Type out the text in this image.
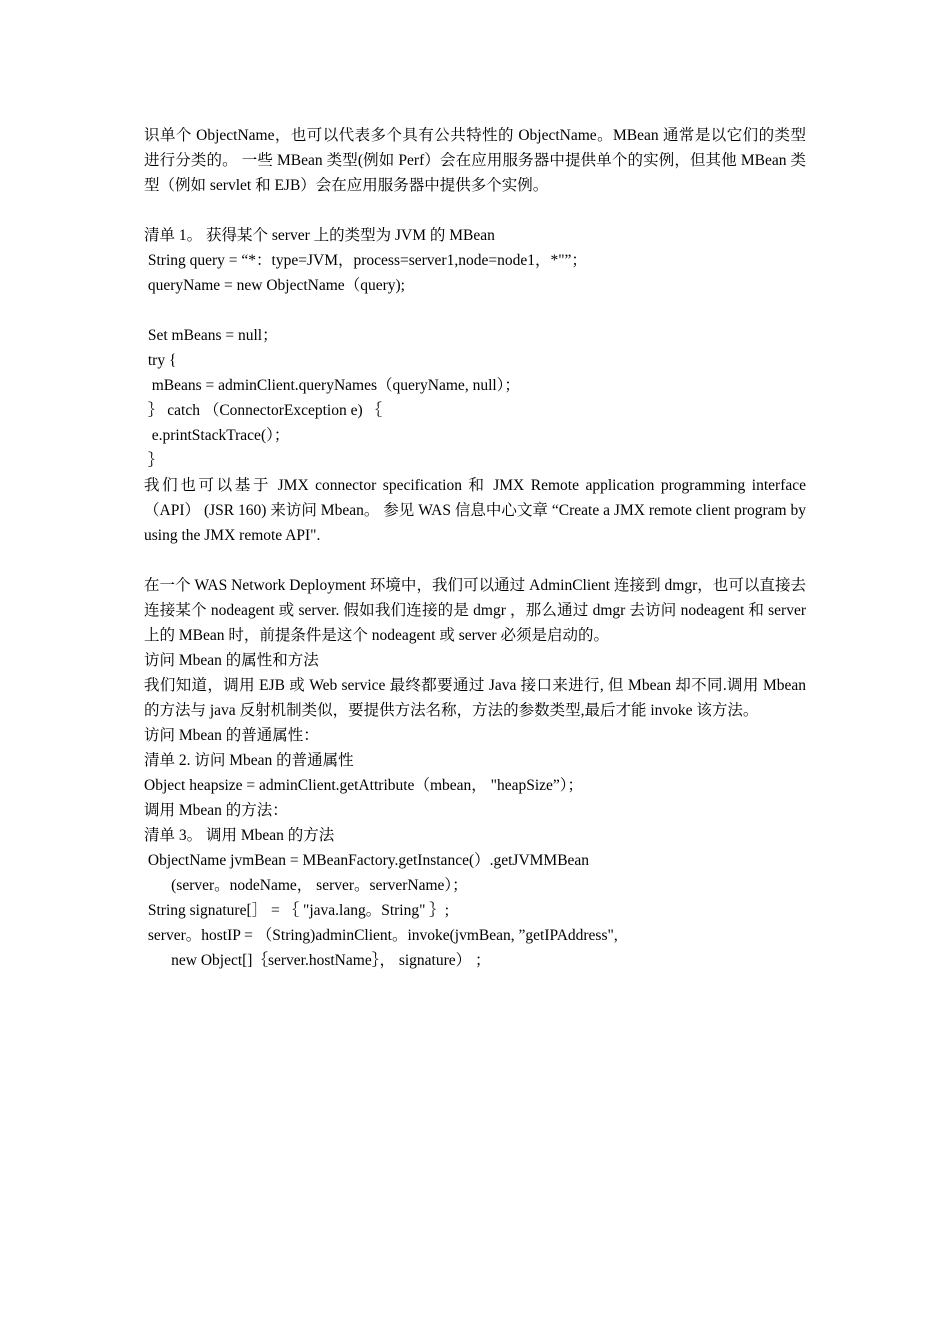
识单个 ObjectName，也可以代表多个具有公共特性的 ObjectName。MBean 通常是以它们的类型进行分类的。 一些 MBean 类型(例如 Perf）会在应用服务器中提供单个的实例，但其他 MBean 类型（例如 servlet 和 EJB）会在应用服务器中提供多个实例。

清单 1。 获得某个 server 上的类型为 JVM 的 MBean
String query = “*：type=JVM，process=server1,node=node1，*"”；
queryName = new ObjectName（query);
Set mBeans = null；
try {
mBeans = adminClient.queryNames（queryName, null）；
｝ catch （ConnectorException e) ｛
e.printStackTrace(）；
｝

我们也可以基于 JMX connector specification 和 JMX Remote application programming interface （API） (JSR 160) 来访问 Mbean。 参见 WAS 信息中心文章 “Create a JMX remote client program by using the JMX remote API".

在一个 WAS Network Deployment 环境中，我们可以通过 AdminClient 连接到 dmgr，也可以直接去连接某个 nodeagent 或 server. 假如我们连接的是 dmgr ，那么通过 dmgr 去访问 nodeagent 和 server 上的 MBean 时，前提条件是这个 nodeagent 或 server 必须是启动的。

访问 Mbean 的属性和方法

我们知道，调用 EJB 或 Web service 最终都要通过 Java 接口来进行, 但 Mbean 却不同.调用 Mbean 的方法与 java 反射机制类似，要提供方法名称，方法的参数类型,最后才能 invoke 该方法。

访问 Mbean 的普通属性：
清单 2. 访问 Mbean 的普通属性
Object heapsize = adminClient.getAttribute（mbean， "heapSize”）；
调用 Mbean 的方法：
清单 3。 调用 Mbean 的方法
ObjectName jvmBean = MBeanFactory.getInstance(）.getJVMMBean
(server。nodeName， server。serverName）；
String signature[］ = ｛ "java.lang。String" ｝;
server。hostIP = （String)adminClient。invoke(jvmBean, ”getIPAddress",
new Object[]｛server.hostName｝， signature） ；
